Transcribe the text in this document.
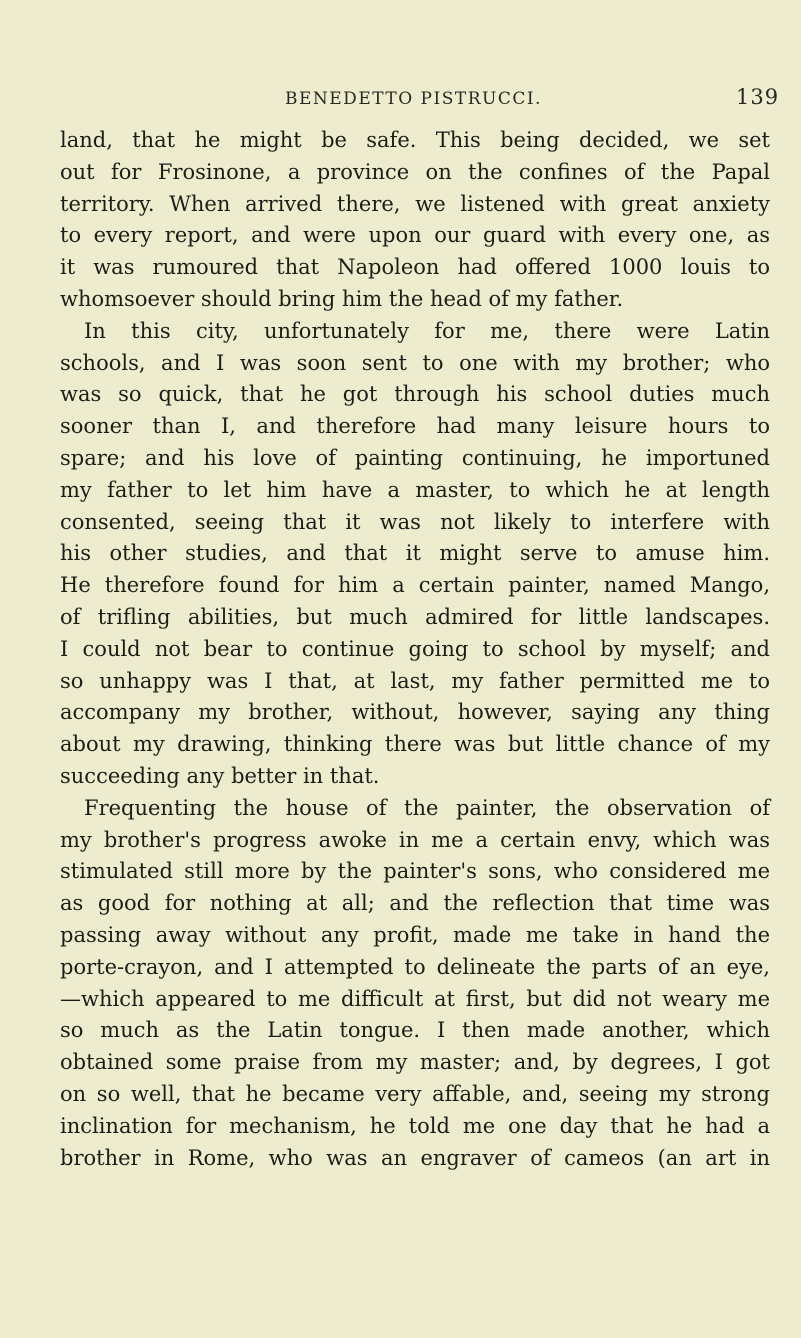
BENEDETTO PISTRUCCI.	139
land, that he might be safe. This being decided, we set
out for Frosinone, a province on the confines of the Papal
territory. When arrived there, we listened with great anxiety
to every report, and were upon our guard with every one, as
it was rumoured that Napoleon had offered 1000 louis to
whomsoever should bring him the head of my father.
In this city, unfortunately for me, there were Latin
schools, and I was soon sent to one with my brother; who
was so quick, that he got through his school duties much
sooner than I, and therefore had many leisure hours to
spare; and his love of painting continuing, he importuned
my father to let him have a master, to which he at length
consented, seeing that it was not likely to interfere with
his other studies, and that it might serve to amuse him.
He therefore found for him a certain painter, named Mango,
of trifling abilities, but much admired for little landscapes.
I could not bear to continue going to school by myself; and
so unhappy was I that, at last, my father permitted me to
accompany my brother, without, however, saying any thing
about my drawing, thinking there was but little chance of my
succeeding any better in that.
Frequenting the house of the painter, the observation of
my brother's progress awoke in me a certain envy, which was
stimulated still more by the painter's sons, who considered me
as good for nothing at all; and the reflection that time was
passing away without any profit, made me take in hand the
porte-crayon, and I attempted to delineate the parts of an eye,
—which appeared to me difficult at first, but did not weary me
so much as the Latin tongue. I then made another, which
obtained some praise from my master; and, by degrees, I got
on so well, that he became very affable, and, seeing my strong
inclination for mechanism, he told me one day that he had a
brother in Rome, who was an engraver of cameos (an art in
